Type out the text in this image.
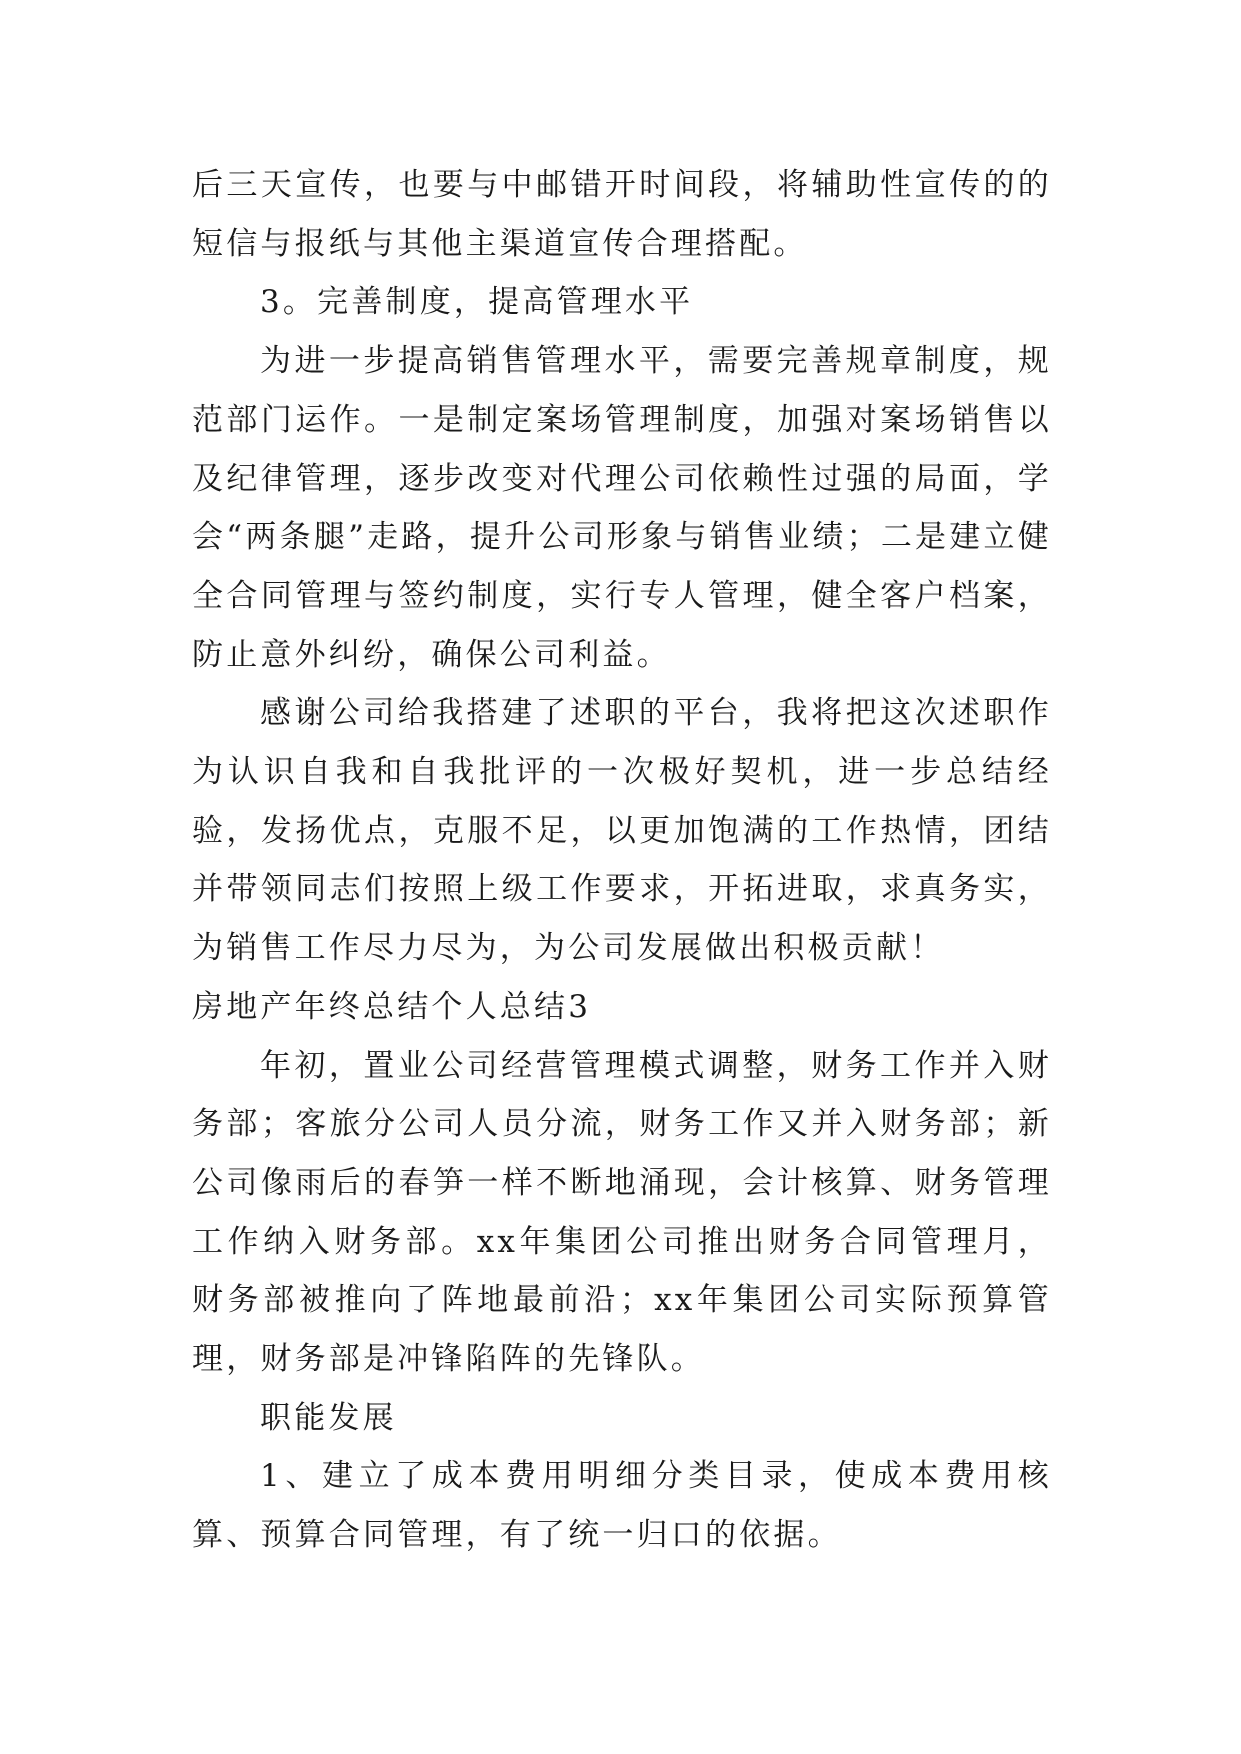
后三天宣传，也要与中邮错开时间段，将辅助性宣传的的短信与报纸与其他主渠道宣传合理搭配。

3。完善制度，提高管理水平

为进一步提高销售管理水平，需要完善规章制度，规范部门运作。一是制定案场管理制度，加强对案场销售以及纪律管理，逐步改变对代理公司依赖性过强的局面，学会“两条腿”走路，提升公司形象与销售业绩；二是建立健全合同管理与签约制度，实行专人管理，健全客户档案，防止意外纠纷，确保公司利益。

感谢公司给我搭建了述职的平台，我将把这次述职作为认识自我和自我批评的一次极好契机，进一步总结经验，发扬优点，克服不足，以更加饱满的工作热情，团结并带领同志们按照上级工作要求，开拓进取，求真务实，为销售工作尽力尽为，为公司发展做出积极贡献！

房地产年终总结个人总结3

年初，置业公司经营管理模式调整，财务工作并入财务部；客旅分公司人员分流，财务工作又并入财务部；新公司像雨后的春笋一样不断地涌现，会计核算、财务管理工作纳入财务部。xx年集团公司推出财务合同管理月，财务部被推向了阵地最前沿；xx年集团公司实际预算管理，财务部是冲锋陷阵的先锋队。

职能发展

1、建立了成本费用明细分类目录，使成本费用核算、预算合同管理，有了统一归口的依据。
